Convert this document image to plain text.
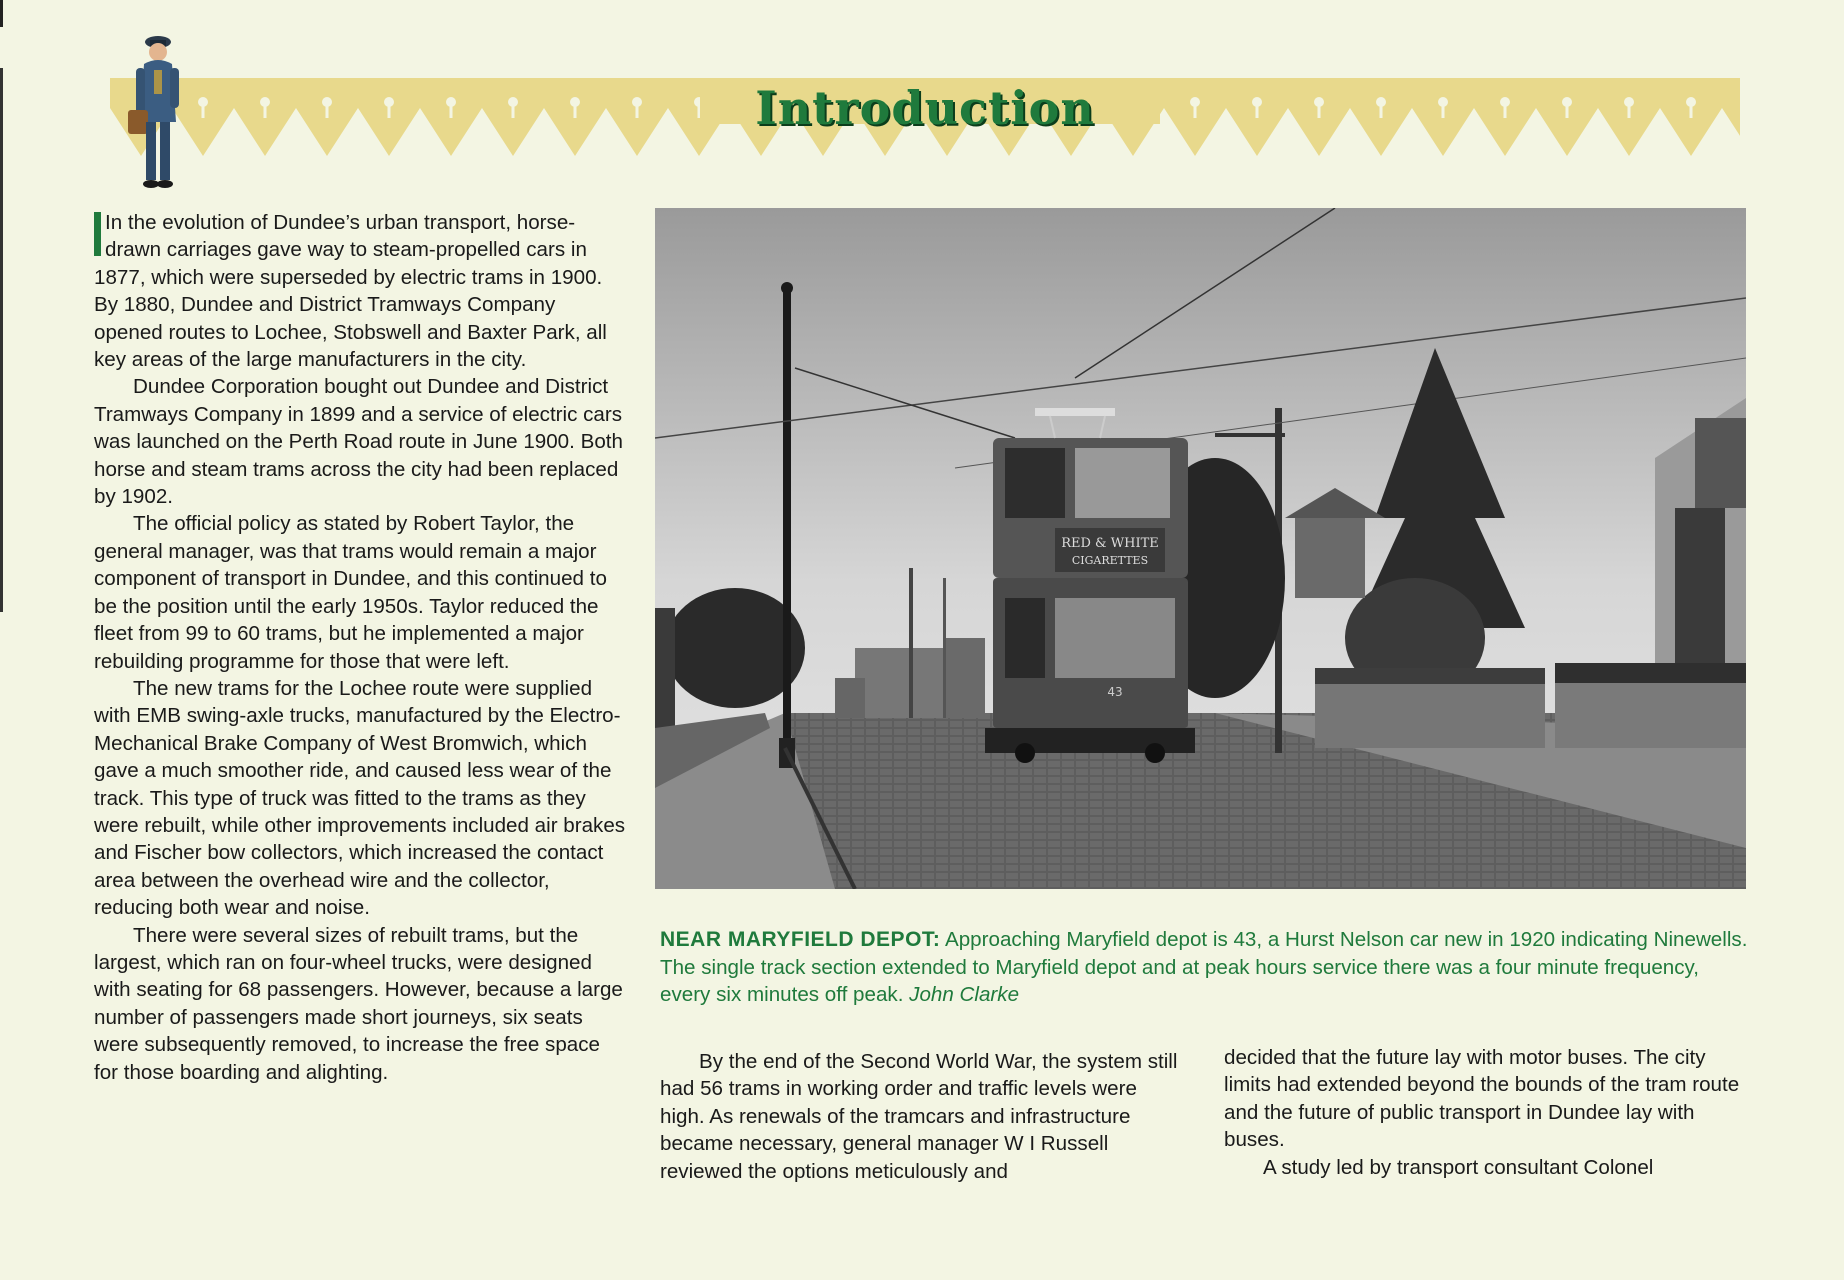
Introduction

In the evolution of Dundee’s urban transport, horse-drawn carriages gave way to steam-propelled cars in 1877, which were superseded by electric trams in 1900. By 1880, Dundee and District Tramways Company opened routes to Lochee, Stobswell and Baxter Park, all key areas of the large manufacturers in the city.

Dundee Corporation bought out Dundee and District Tramways Company in 1899 and a service of electric cars was launched on the Perth Road route in June 1900. Both horse and steam trams across the city had been replaced by 1902.

The official policy as stated by Robert Taylor, the general manager, was that trams would remain a major component of transport in Dundee, and this continued to be the position until the early 1950s. Taylor reduced the fleet from 99 to 60 trams, but he implemented a major rebuilding programme for those that were left.

The new trams for the Lochee route were supplied with EMB swing-axle trucks, manufactured by the Electro-Mechanical Brake Company of West Bromwich, which gave a much smoother ride, and caused less wear of the track. This type of truck was fitted to the trams as they were rebuilt, while other improvements included air brakes and Fischer bow collectors, which increased the contact area between the overhead wire and the collector, reducing both wear and noise.

There were several sizes of rebuilt trams, but the largest, which ran on four-wheel trucks, were designed with seating for 68 passengers. However, because a large number of passengers made short journeys, six seats were subsequently removed, to increase the free space for those boarding and alighting.

RED & WHITE
CIGARETTES
43
NEAR MARYFIELD DEPOT: Approaching Maryfield depot is 43, a Hurst Nelson car new in 1920 indicating Ninewells. The single track section extended to Maryfield depot and at peak hours service there was a four minute frequency, every six minutes off peak. John Clarke

By the end of the Second World War, the system still had 56 trams in working order and traffic levels were high. As renewals of the tramcars and infrastructure became necessary, general manager W I Russell reviewed the options meticulously and

decided that the future lay with motor buses. The city limits had extended beyond the bounds of the tram route and the future of public transport in Dundee lay with buses.

A study led by transport consultant Colonel
